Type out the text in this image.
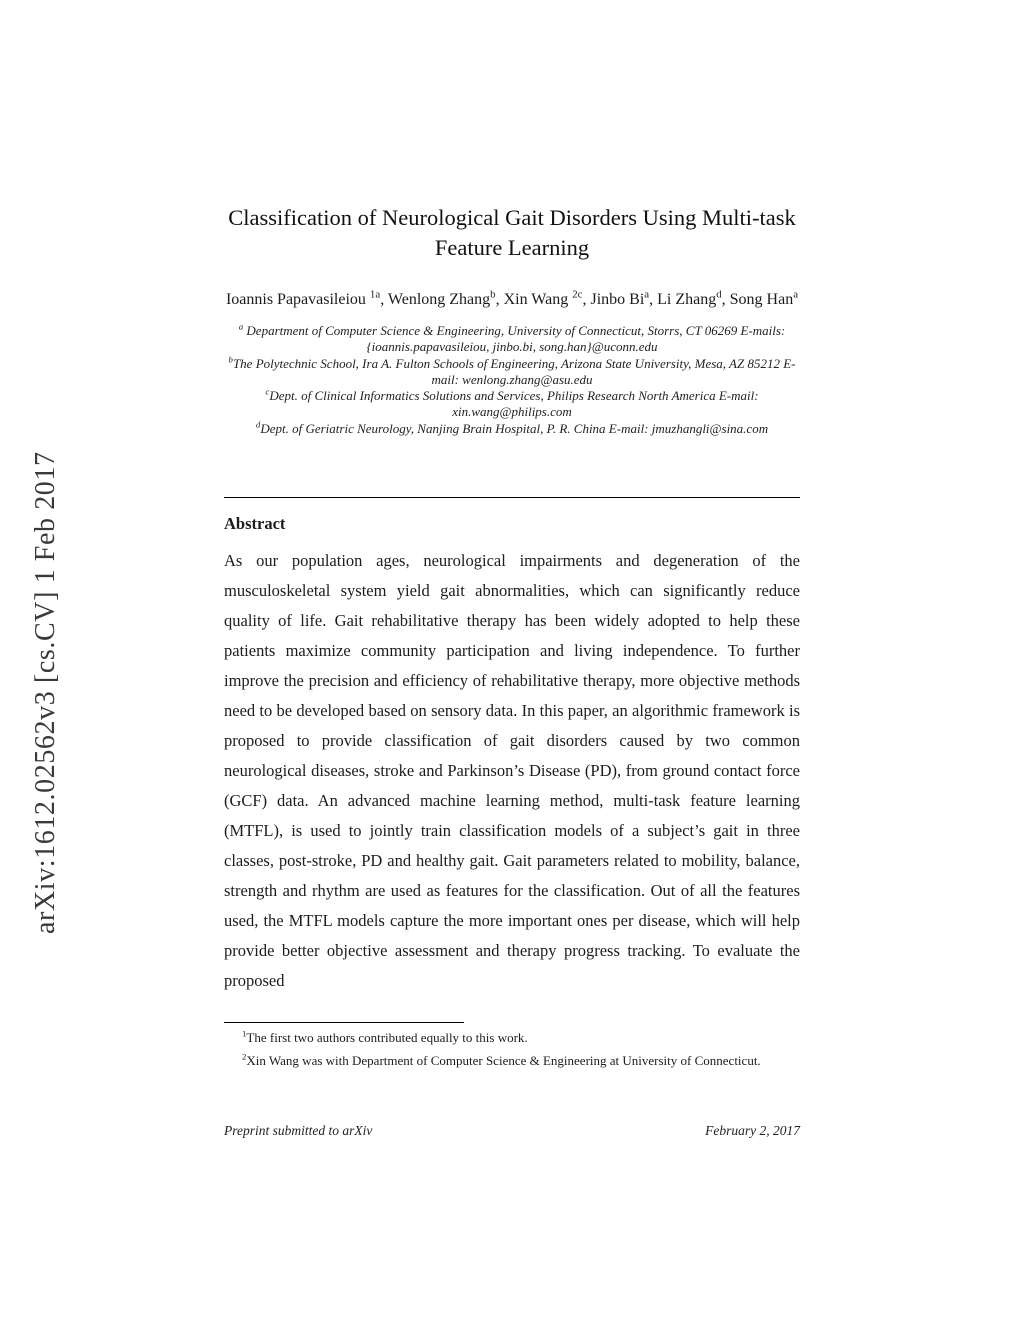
arXiv:1612.02562v3 [cs.CV] 1 Feb 2017
Classification of Neurological Gait Disorders Using Multi-task Feature Learning
Ioannis Papavasileiou $^{1a}$, Wenlong Zhang$^b$, Xin Wang $^{2c}$, Jinbo Bi$^a$, Li Zhang$^d$, Song Han$^a$
$^a$ Department of Computer Science & Engineering, University of Connecticut, Storrs, CT 06269 E-mails: {ioannis.papavasileiou, jinbo.bi, song.han}@uconn.edu
$^b$The Polytechnic School, Ira A. Fulton Schools of Engineering, Arizona State University, Mesa, AZ 85212 E-mail: wenlong.zhang@asu.edu
$^c$Dept. of Clinical Informatics Solutions and Services, Philips Research North America E-mail: xin.wang@philips.com
$^d$Dept. of Geriatric Neurology, Nanjing Brain Hospital, P. R. China E-mail: jmuzhangli@sina.com
Abstract

As our population ages, neurological impairments and degeneration of the musculoskeletal system yield gait abnormalities, which can significantly reduce quality of life. Gait rehabilitative therapy has been widely adopted to help these patients maximize community participation and living independence. To further improve the precision and efficiency of rehabilitative therapy, more objective methods need to be developed based on sensory data. In this paper, an algorithmic framework is proposed to provide classification of gait disorders caused by two common neurological diseases, stroke and Parkinson’s Disease (PD), from ground contact force (GCF) data. An advanced machine learning method, multi-task feature learning (MTFL), is used to jointly train classification models of a subject’s gait in three classes, post-stroke, PD and healthy gait. Gait parameters related to mobility, balance, strength and rhythm are used as features for the classification. Out of all the features used, the MTFL models capture the more important ones per disease, which will help provide better objective assessment and therapy progress tracking. To evaluate the proposed

$^1$The first two authors contributed equally to this work.
$^2$Xin Wang was with Department of Computer Science & Engineering at University of Connecticut.
Preprint submitted to arXiv	February 2, 2017
